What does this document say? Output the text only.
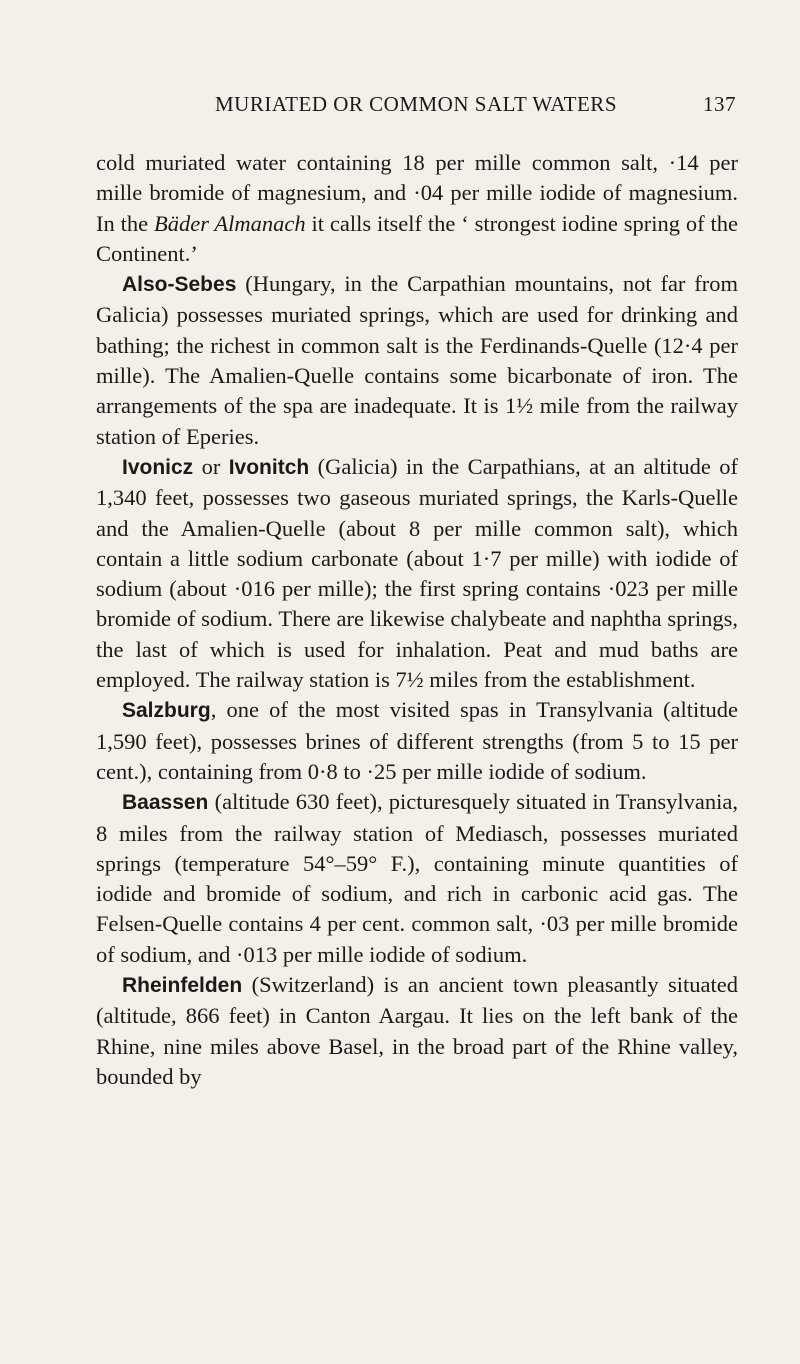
MURIATED OR COMMON SALT WATERS	137

cold muriated water containing 18 per mille common salt, ·14 per mille bromide of magnesium, and ·04 per mille iodide of magnesium. In the Bäder Almanach it calls itself the ‘ strongest iodine spring of the Continent.’

Also-Sebes (Hungary, in the Carpathian mountains, not far from Galicia) possesses muriated springs, which are used for drinking and bathing; the richest in common salt is the Ferdinands-Quelle (12·4 per mille). The Amalien-Quelle contains some bicarbonate of iron. The arrangements of the spa are inadequate. It is 1½ mile from the railway station of Eperies.

Ivonicz or Ivonitch (Galicia) in the Carpathians, at an altitude of 1,340 feet, possesses two gaseous muriated springs, the Karls-Quelle and the Amalien-Quelle (about 8 per mille common salt), which contain a little sodium carbonate (about 1·7 per mille) with iodide of sodium (about ·016 per mille); the first spring contains ·023 per mille bromide of sodium. There are likewise chalybeate and naphtha springs, the last of which is used for inhalation. Peat and mud baths are employed. The railway station is 7½ miles from the establishment.

Salzburg, one of the most visited spas in Transylvania (altitude 1,590 feet), possesses brines of different strengths (from 5 to 15 per cent.), containing from 0·8 to ·25 per mille iodide of sodium.

Baassen (altitude 630 feet), picturesquely situated in Transylvania, 8 miles from the railway station of Mediasch, possesses muriated springs (temperature 54°–59° F.), containing minute quantities of iodide and bromide of sodium, and rich in carbonic acid gas. The Felsen-Quelle contains 4 per cent. common salt, ·03 per mille bromide of sodium, and ·013 per mille iodide of sodium.

Rheinfelden (Switzerland) is an ancient town pleasantly situated (altitude, 866 feet) in Canton Aargau. It lies on the left bank of the Rhine, nine miles above Basel, in the broad part of the Rhine valley, bounded by
